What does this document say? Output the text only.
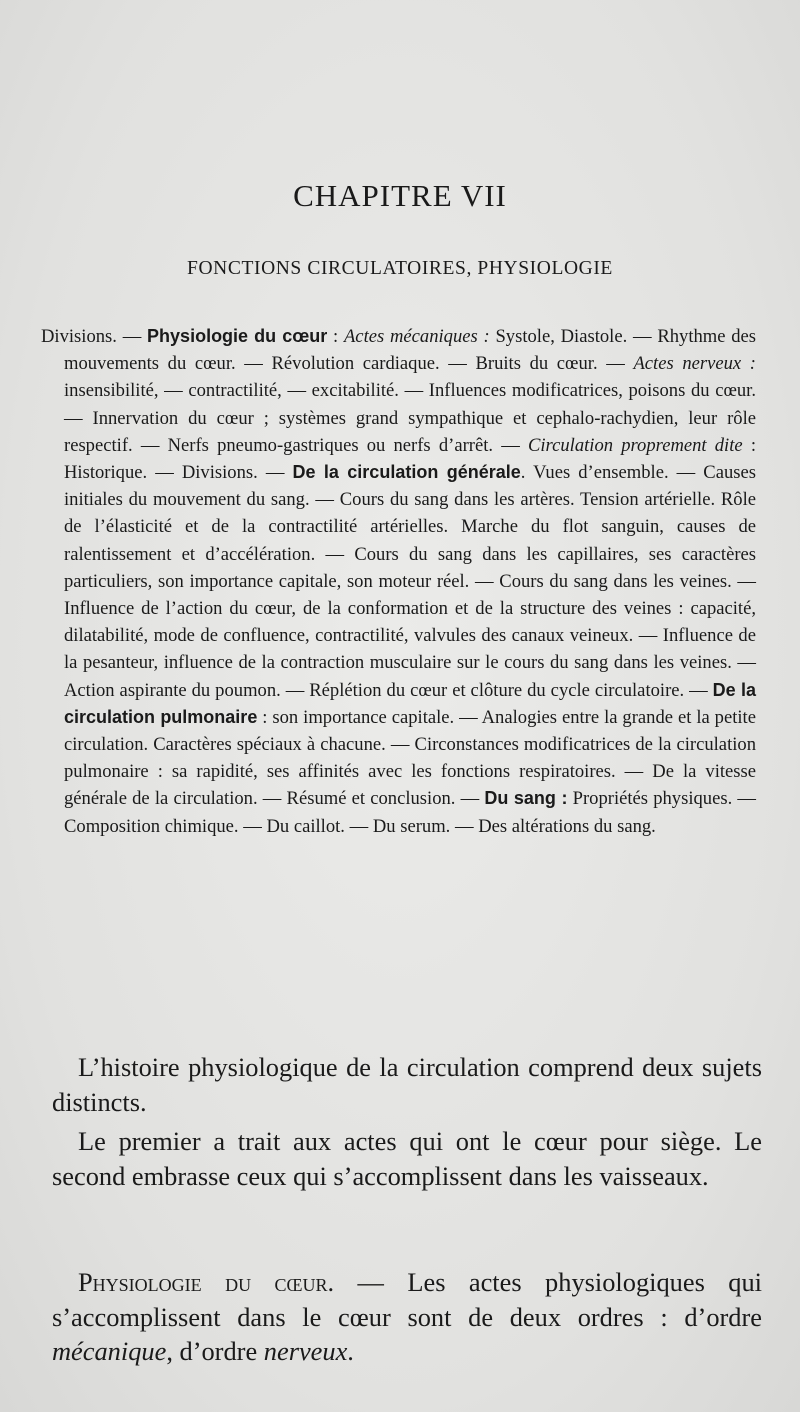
CHAPITRE VII
FONCTIONS CIRCULATOIRES, PHYSIOLOGIE

Divisions. — Physiologie du cœur : Actes mécaniques : Systole, Diastole. — Rhythme des mouvements du cœur. — Révolution cardiaque. — Bruits du cœur. — Actes nerveux : insensibilité, — contractilité, — excitabilité. — Influences modificatrices, poisons du cœur. — Innervation du cœur ; systèmes grand sympathique et cephalo-rachydien, leur rôle respectif. — Nerfs pneumo-gastriques ou nerfs d’arrêt. — Circulation proprement dite : Historique. — Divisions. — De la circulation générale. Vues d’ensemble. — Causes initiales du mouvement du sang. — Cours du sang dans les artères. Tension artérielle. Rôle de l’élasticité et de la contractilité artérielles. Marche du flot sanguin, causes de ralentissement et d’accélération. — Cours du sang dans les capillaires, ses caractères particuliers, son importance capitale, son moteur réel. — Cours du sang dans les veines. — Influence de l’action du cœur, de la conformation et de la structure des veines : capacité, dilatabilité, mode de confluence, contractilité, valvules des canaux veineux. — Influence de la pesanteur, influence de la contraction musculaire sur le cours du sang dans les veines. — Action aspirante du poumon. — Réplétion du cœur et clôture du cycle circulatoire. — De la circulation pulmonaire : son importance capitale. — Analogies entre la grande et la petite circulation. Caractères spéciaux à chacune. — Circonstances modificatrices de la circulation pulmonaire : sa rapidité, ses affinités avec les fonctions respiratoires. — De la vitesse générale de la circulation. — Résumé et conclusion. — Du sang : Propriétés physiques. — Composition chimique. — Du caillot. — Du serum. — Des altérations du sang.

L’histoire physiologique de la circulation comprend deux sujets distincts.

Le premier a trait aux actes qui ont le cœur pour siège. Le second embrasse ceux qui s’accomplissent dans les vaisseaux.

Physiologie du cœur. — Les actes physiologiques qui s’accomplissent dans le cœur sont de deux ordres : d’ordre mécanique, d’ordre nerveux.
